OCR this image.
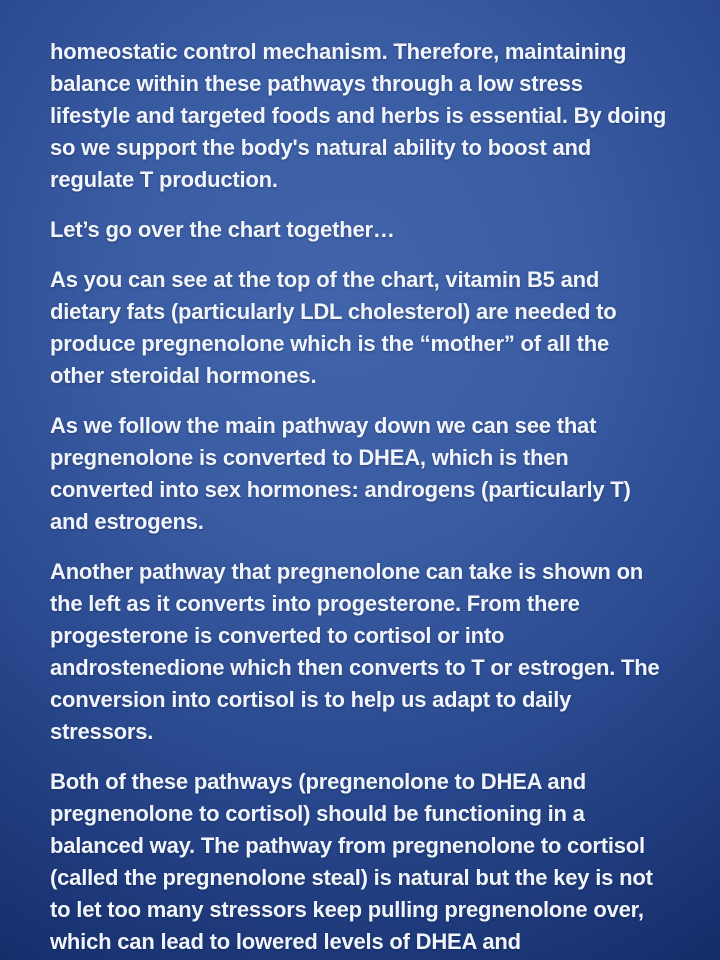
homeostatic control mechanism. Therefore, maintaining balance within these pathways through a low stress lifestyle and targeted foods and herbs is essential. By doing so we support the body's natural ability to boost and regulate T production.

Let’s go over the chart together…

As you can see at the top of the chart, vitamin B5 and dietary fats (particularly LDL cholesterol) are needed to produce pregnenolone which is the “mother” of all the other steroidal hormones.

As we follow the main pathway down we can see that pregnenolone is converted to DHEA, which is then converted into sex hormones: androgens (particularly T) and estrogens.

Another pathway that pregnenolone can take is shown on the left as it converts into progesterone. From there progesterone is converted to cortisol or into androstenedione which then converts to T or estrogen. The conversion into cortisol is to help us adapt to daily stressors.

Both of these pathways (pregnenolone to DHEA and pregnenolone to cortisol) should be functioning in a balanced way. The pathway from pregnenolone to cortisol (called the pregnenolone steal) is natural but the key is not to let too many stressors keep pulling pregnenolone over, which can lead to lowered levels of DHEA and
